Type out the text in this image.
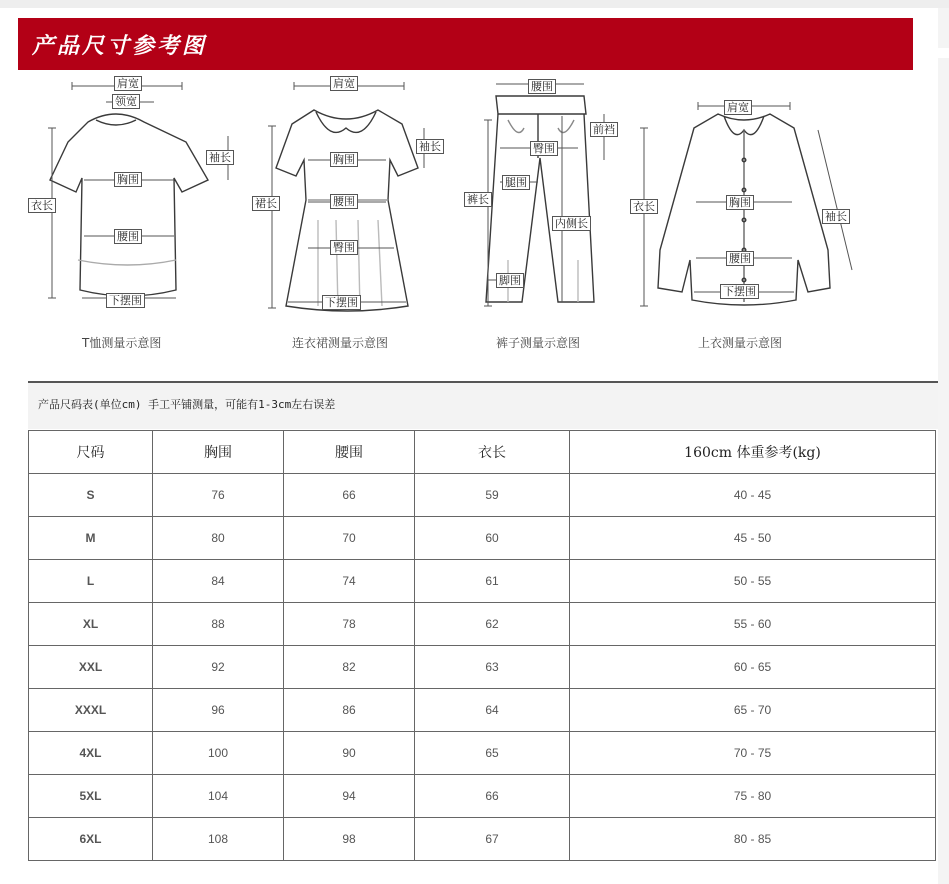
产品尺寸参考图
肩宽
领宽
袖长
衣长
胸围
腰围
下摆围
T恤测量示意图
肩宽
袖长
胸围
裙长	腰围
臀围
下摆围
连衣裙测量示意图
腰围
前裆
臀围
腿围
裤长
内侧长
脚围
裤子测量示意图
肩宽
胸围
衣长
袖长
腰围
下摆围
上衣测量示意图
产品尺码表(单位cm) 手工平铺测量，可能有1-3cm左右误差
尺码	胸围	腰围	衣长	160cm 体重参考(kg)
S	76	66	59	40 - 45
M	80	70	60	45 - 50
L	84	74	61	50 - 55
XL	88	78	62	55 - 60
XXL	92	82	63	60 - 65
XXXL	96	86	64	65 - 70
4XL	100	90	65	70 - 75
5XL	104	94	66	75 - 80
6XL	108	98	67	80 - 85
